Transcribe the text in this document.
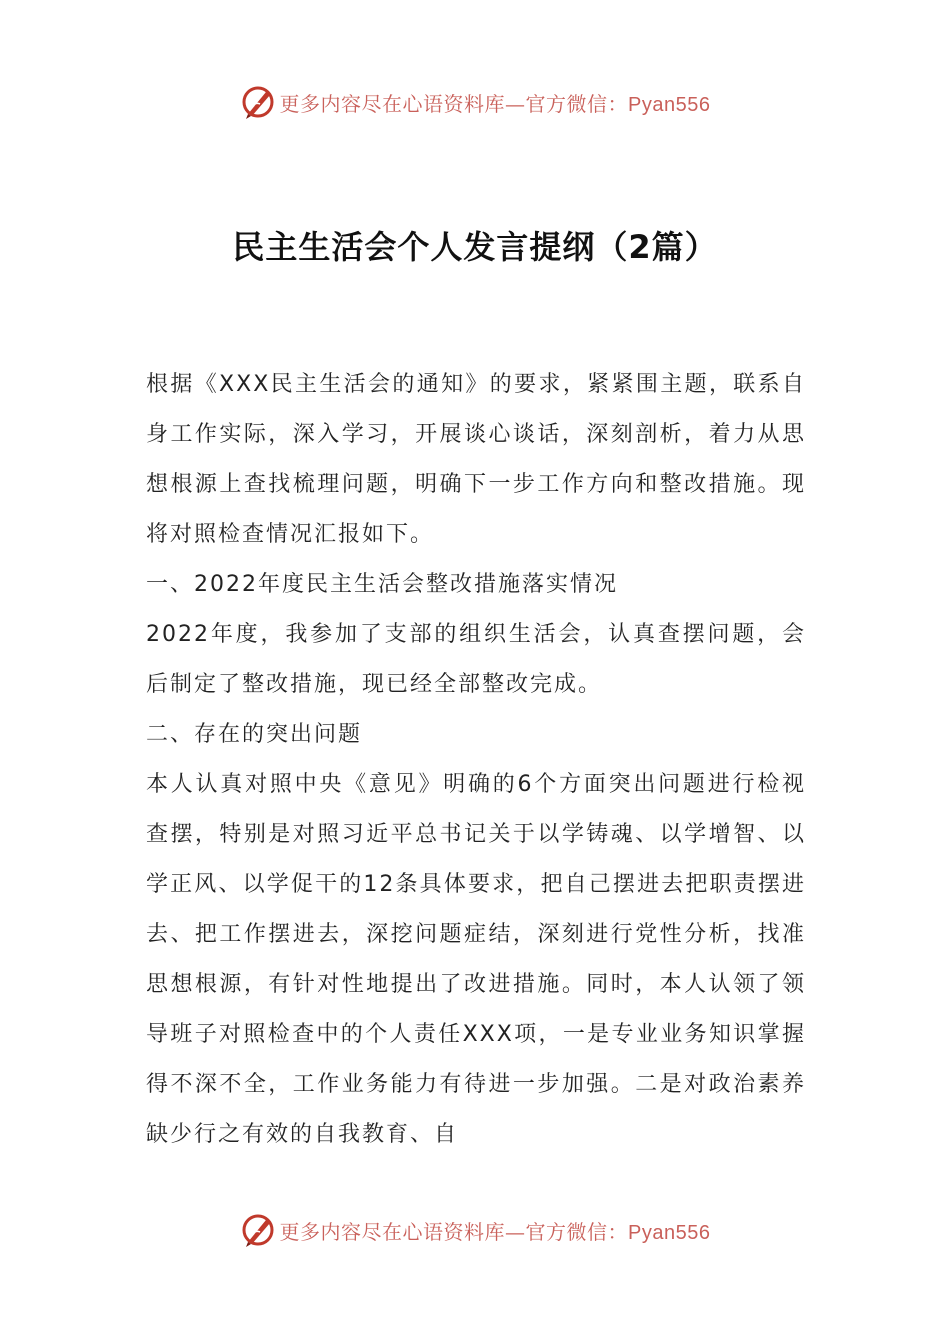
更多内容尽在心语资料库—官方微信：Pyan556
民主生活会个人发言提纲（2篇）

根据《XXX民主生活会的通知》的要求，紧紧围主题，联系自身工作实际，深入学习，开展谈心谈话，深刻剖析，着力从思想根源上查找梳理问题，明确下一步工作方向和整改措施。现将对照检查情况汇报如下。

一、2022年度民主生活会整改措施落实情况

2022年度，我参加了支部的组织生活会，认真查摆问题，会后制定了整改措施，现已经全部整改完成。

二、存在的突出问题

本人认真对照中央《意见》明确的6个方面突出问题进行检视查摆，特别是对照习近平总书记关于以学铸魂、以学增智、以学正风、以学促干的12条具体要求，把自己摆进去把职责摆进去、把工作摆进去，深挖问题症结，深刻进行党性分析，找准思想根源，有针对性地提出了改进措施。同时，本人认领了领导班子对照检查中的个人责任XXX项，一是专业业务知识掌握得不深不全，工作业务能力有待进一步加强。二是对政治素养缺少行之有效的自我教育、自

更多内容尽在心语资料库—官方微信：Pyan556
